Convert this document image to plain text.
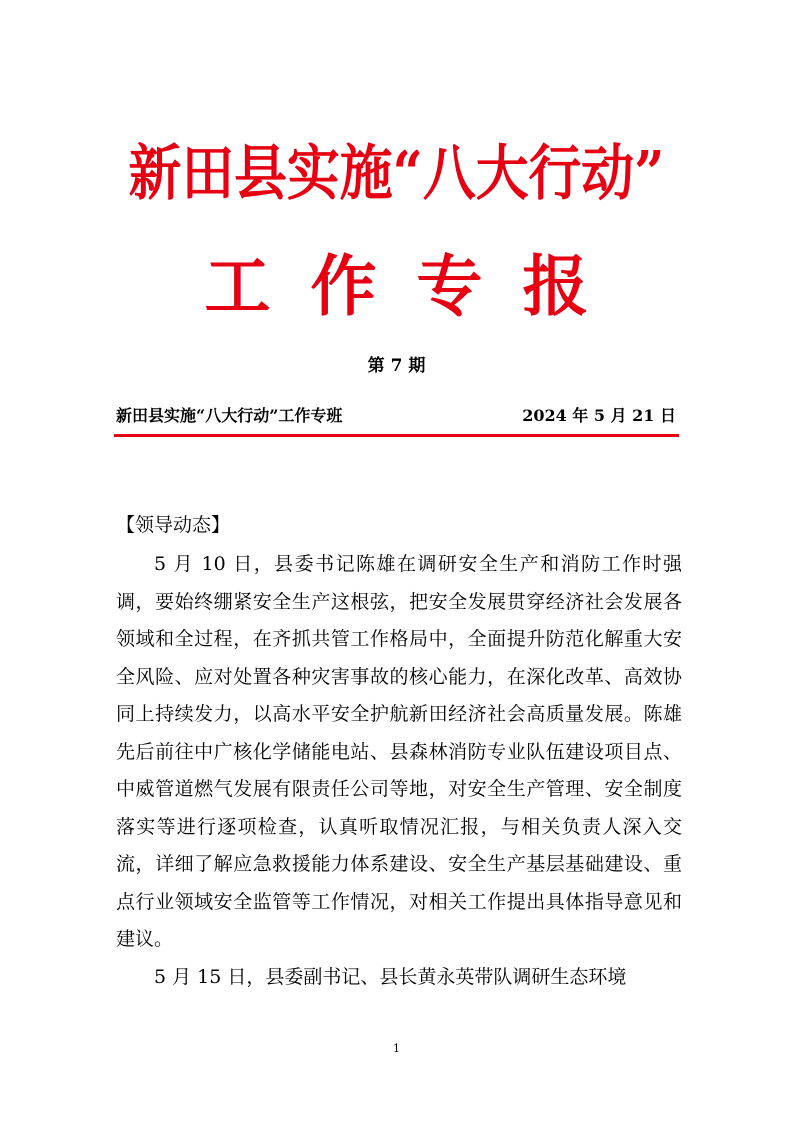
新田县实施“八大行动”
工作专报
第 7 期
新田县实施“八大行动”工作专班	2024 年 5 月 21 日
【领导动态】

5 月 10 日，县委书记陈雄在调研安全生产和消防工作时强调，要始终绷紧安全生产这根弦，把安全发展贯穿经济社会发展各领域和全过程，在齐抓共管工作格局中，全面提升防范化解重大安全风险、应对处置各种灾害事故的核心能力，在深化改革、高效协同上持续发力，以高水平安全护航新田经济社会高质量发展。陈雄先后前往中广核化学储能电站、县森林消防专业队伍建设项目点、中威管道燃气发展有限责任公司等地，对安全生产管理、安全制度落实等进行逐项检查，认真听取情况汇报，与相关负责人深入交流，详细了解应急救援能力体系建设、安全生产基层基础建设、重点行业领域安全监管等工作情况，对相关工作提出具体指导意见和建议。

5 月 15 日，县委副书记、县长黄永英带队调研生态环境

1
